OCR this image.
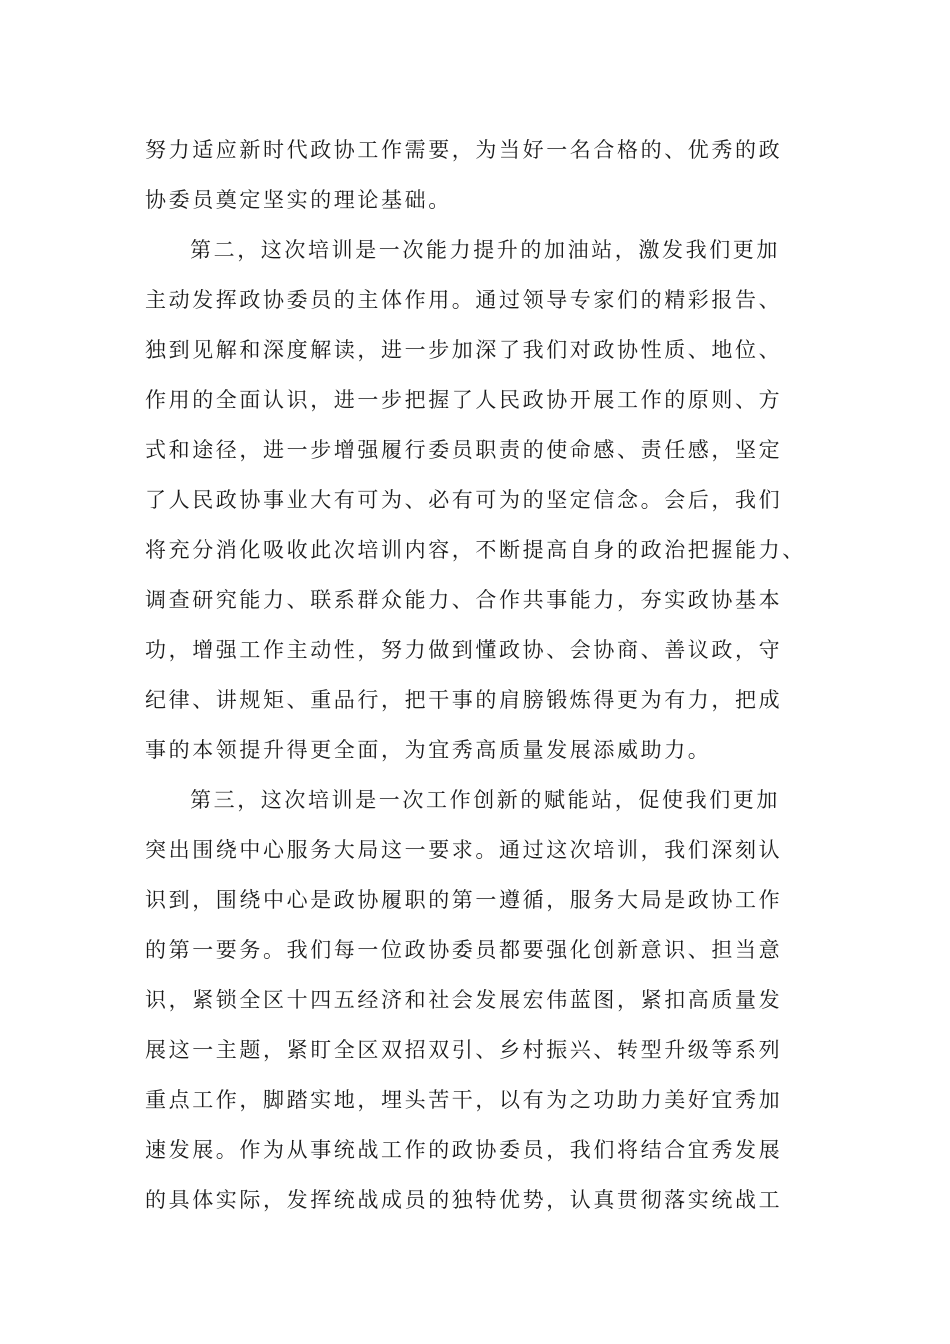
努力适应新时代政协工作需要，为当好一名合格的、优秀的政
协委员奠定坚实的理论基础。
第二，这次培训是一次能力提升的加油站，激发我们更加
主动发挥政协委员的主体作用。通过领导专家们的精彩报告、
独到见解和深度解读，进一步加深了我们对政协性质、地位、
作用的全面认识，进一步把握了人民政协开展工作的原则、方
式和途径，进一步增强履行委员职责的使命感、责任感，坚定
了人民政协事业大有可为、必有可为的坚定信念。会后，我们
将充分消化吸收此次培训内容，不断提高自身的政治把握能力、
调查研究能力、联系群众能力、合作共事能力，夯实政协基本
功，增强工作主动性，努力做到懂政协、会协商、善议政，守
纪律、讲规矩、重品行，把干事的肩膀锻炼得更为有力，把成
事的本领提升得更全面，为宜秀高质量发展添威助力。
第三，这次培训是一次工作创新的赋能站，促使我们更加
突出围绕中心服务大局这一要求。通过这次培训，我们深刻认
识到，围绕中心是政协履职的第一遵循，服务大局是政协工作
的第一要务。我们每一位政协委员都要强化创新意识、担当意
识，紧锁全区十四五经济和社会发展宏伟蓝图，紧扣高质量发
展这一主题，紧盯全区双招双引、乡村振兴、转型升级等系列
重点工作，脚踏实地，埋头苦干，以有为之功助力美好宜秀加
速发展。作为从事统战工作的政协委员，我们将结合宜秀发展
的具体实际，发挥统战成员的独特优势，认真贯彻落实统战工
